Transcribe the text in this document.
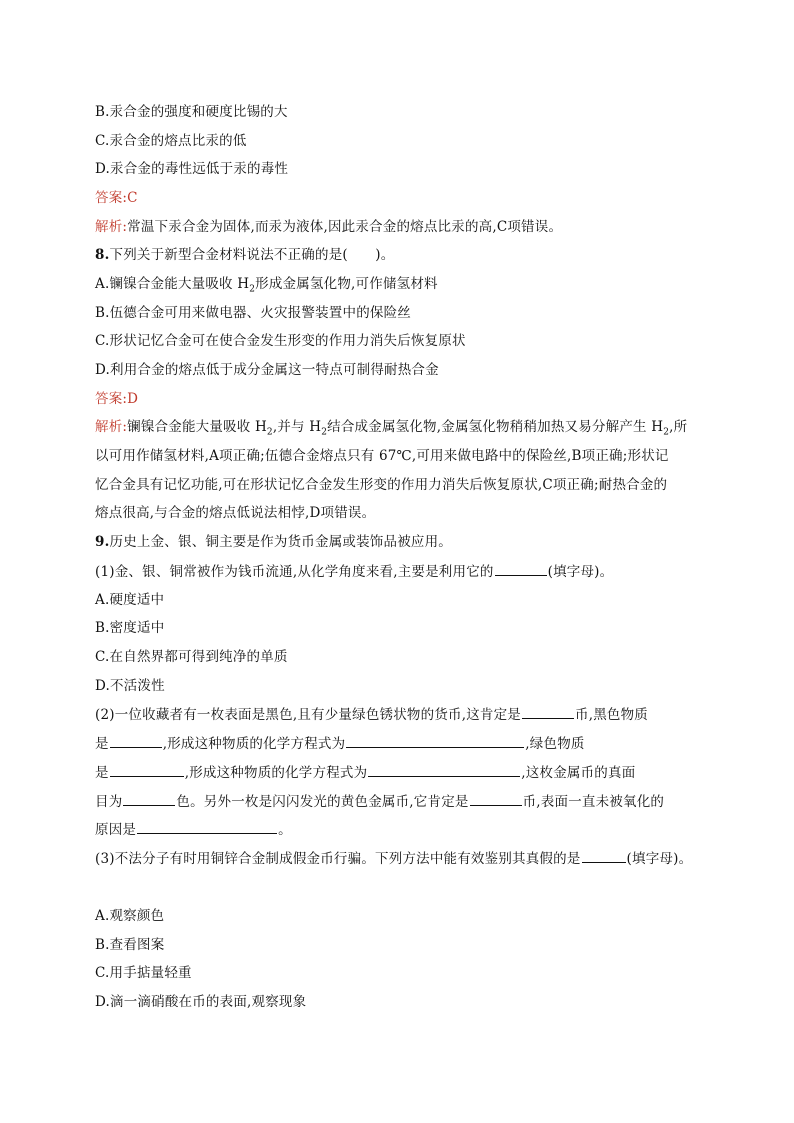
B.汞合金的强度和硬度比锡的大
C.汞合金的熔点比汞的低
D.汞合金的毒性远低于汞的毒性
答案:C
解析:常温下汞合金为固体,而汞为液体,因此汞合金的熔点比汞的高,C项错误。
8.下列关于新型合金材料说法不正确的是(　　)。
A.镧镍合金能大量吸收 $H_2$形成金属氢化物,可作储氢材料
B.伍德合金可用来做电器、火灾报警装置中的保险丝
C.形状记忆合金可在使合金发生形变的作用力消失后恢复原状
D.利用合金的熔点低于成分金属这一特点可制得耐热合金
答案:D
解析:镧镍合金能大量吸收 $H_2$,并与 $H_2$结合成金属氢化物,金属氢化物稍稍加热又易分解产生 $H_2$,所
以可用作储氢材料,A项正确;伍德合金熔点只有 67℃,可用来做电路中的保险丝,B项正确;形状记
忆合金具有记忆功能,可在形状记忆合金发生形变的作用力消失后恢复原状,C项正确;耐热合金的
熔点很高,与合金的熔点低说法相悖,D项错误。
9.历史上金、银、铜主要是作为货币金属或装饰品被应用。
(1)金、银、铜常被作为钱币流通,从化学角度来看,主要是利用它的	(填字母)。
A.硬度适中
B.密度适中
C.在自然界都可得到纯净的单质
D.不活泼性
(2)一位收藏者有一枚表面是黑色,且有少量绿色锈状物的货币,这肯定是	币,黑色物质
是	,形成这种物质的化学方程式为	,绿色物质
是	,形成这种物质的化学方程式为	,这枚金属币的真面
目为	色。另外一枚是闪闪发光的黄色金属币,它肯定是	币,表面一直未被氧化的
原因是	。
(3)不法分子有时用铜锌合金制成假金币行骗。下列方法中能有效鉴别其真假的是	(填字母)。
A.观察颜色
B.查看图案
C.用手掂量轻重
D.滴一滴硝酸在币的表面,观察现象
